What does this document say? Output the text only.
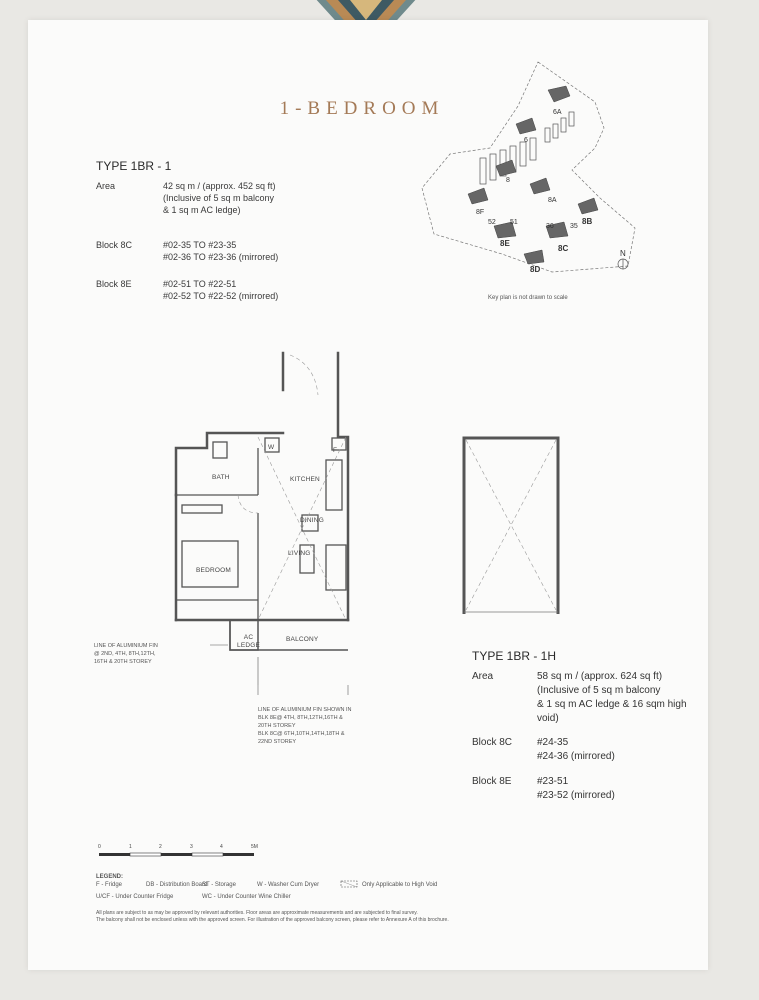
1-BEDROOM
TYPE 1BR - 1
Area	42 sq m / (approx. 452 sq ft)
(Inclusive of 5 sq m balcony
& 1 sq m AC ledge)
Block 8C	#02-35 TO #23-35
#02-36 TO #23-36 (mirrored)
Block 8E	#02-51 TO #22-51
#02-52 TO #22-52 (mirrored)
6A
6
8
8A
8F
52 51
8E
36 35
8B
8C
8D
N
Key plan is not drawn to scale
BATH	KITCHEN
DINING
LIVING
BEDROOM
BALCONY
AC
LEDGE
W	F
LINE OF ALUMINIUM FIN
@ 2ND, 4TH, 8TH,12TH,
16TH & 20TH STOREY
LINE OF ALUMINIUM FIN SHOWN IN
BLK 8E@ 4TH, 8TH,12TH,16TH &
20TH STOREY
BLK 8C@ 6TH,10TH,14TH,18TH &
22ND STOREY
TYPE 1BR - 1H
Area	58 sq m / (approx. 624 sq ft)
(Inclusive of 5 sq m balcony
& 1 sq m AC ledge & 16 sqm high
void)
Block 8C #24-35
#24-36 (mirrored)
Block 8E	#23-51
#23-52 (mirrored)
0	1	2	3	4	5M
LEGEND:
F - Fridge	DB - Distribution Board
ST - Storage	W - Washer Cum Dryer	Only Applicable to High Void
U/CF - Under Counter Fridge	WC - Under Counter Wine Chiller
All plans are subject to as may be approved by relevant authorities. Floor areas are approximate measurements and are subjected to final survey.
The balcony shall not be enclosed unless with the approved screen. For illustration of the approved balcony screen, please refer to Annexure A of this brochure.
